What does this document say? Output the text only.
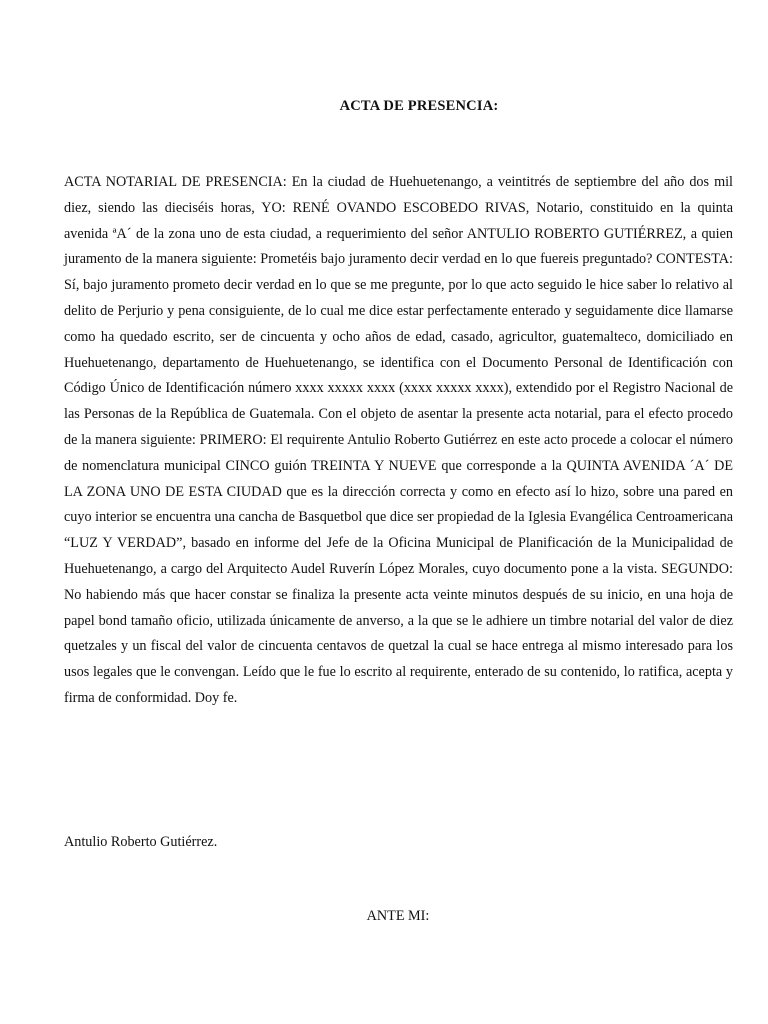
ACTA DE PRESENCIA:
ACTA NOTARIAL DE PRESENCIA: En la ciudad de Huehuetenango, a veintitrés de septiembre del año dos mil diez, siendo las dieciséis horas, YO: RENÉ OVANDO ESCOBEDO RIVAS, Notario, constituido en la quinta avenida ªA´ de la zona uno de esta ciudad, a requerimiento del señor ANTULIO ROBERTO GUTIÉRREZ, a quien juramento de la manera siguiente: Prometéis bajo juramento decir verdad en lo que fuereis preguntado? CONTESTA: Sí, bajo juramento prometo decir verdad en lo que se me pregunte, por lo que acto seguido le hice saber lo relativo al delito de Perjurio y pena consiguiente, de lo cual me dice estar perfectamente enterado y seguidamente dice llamarse como ha quedado escrito, ser de cincuenta y ocho años de edad, casado, agricultor, guatemalteco, domiciliado en Huehuetenango, departamento de Huehuetenango, se identifica con el Documento Personal de Identificación con Código Único de Identificación número xxxx xxxxx xxxx (xxxx xxxxx xxxx), extendido por el Registro Nacional de las Personas de la República de Guatemala. Con el objeto de asentar la presente acta notarial, para el efecto procedo de la manera siguiente: PRIMERO: El requirente Antulio Roberto Gutiérrez en este acto procede a colocar el número de nomenclatura municipal CINCO guión TREINTA Y NUEVE que corresponde a la QUINTA AVENIDA ´A´ DE LA ZONA UNO DE ESTA CIUDAD que es la dirección correcta y como en efecto así lo hizo, sobre una pared en cuyo interior se encuentra una cancha de Basquetbol que dice ser propiedad de la Iglesia Evangélica Centroamericana “LUZ Y VERDAD”, basado en informe del Jefe de la Oficina Municipal de Planificación de la Municipalidad de Huehuetenango, a cargo del Arquitecto Audel Ruverín López Morales, cuyo documento pone a la vista. SEGUNDO: No habiendo más que hacer constar se finaliza la presente acta veinte minutos después de su inicio, en una hoja de papel bond tamaño oficio, utilizada únicamente de anverso, a la que se le adhiere un timbre notarial del valor de diez quetzales y un fiscal del valor de cincuenta centavos de quetzal la cual se hace entrega al mismo interesado para los usos legales que le convengan. Leído que le fue lo escrito al requirente, enterado de su contenido, lo ratifica, acepta y firma de conformidad. Doy fe.
Antulio Roberto Gutiérrez.
ANTE MI:
